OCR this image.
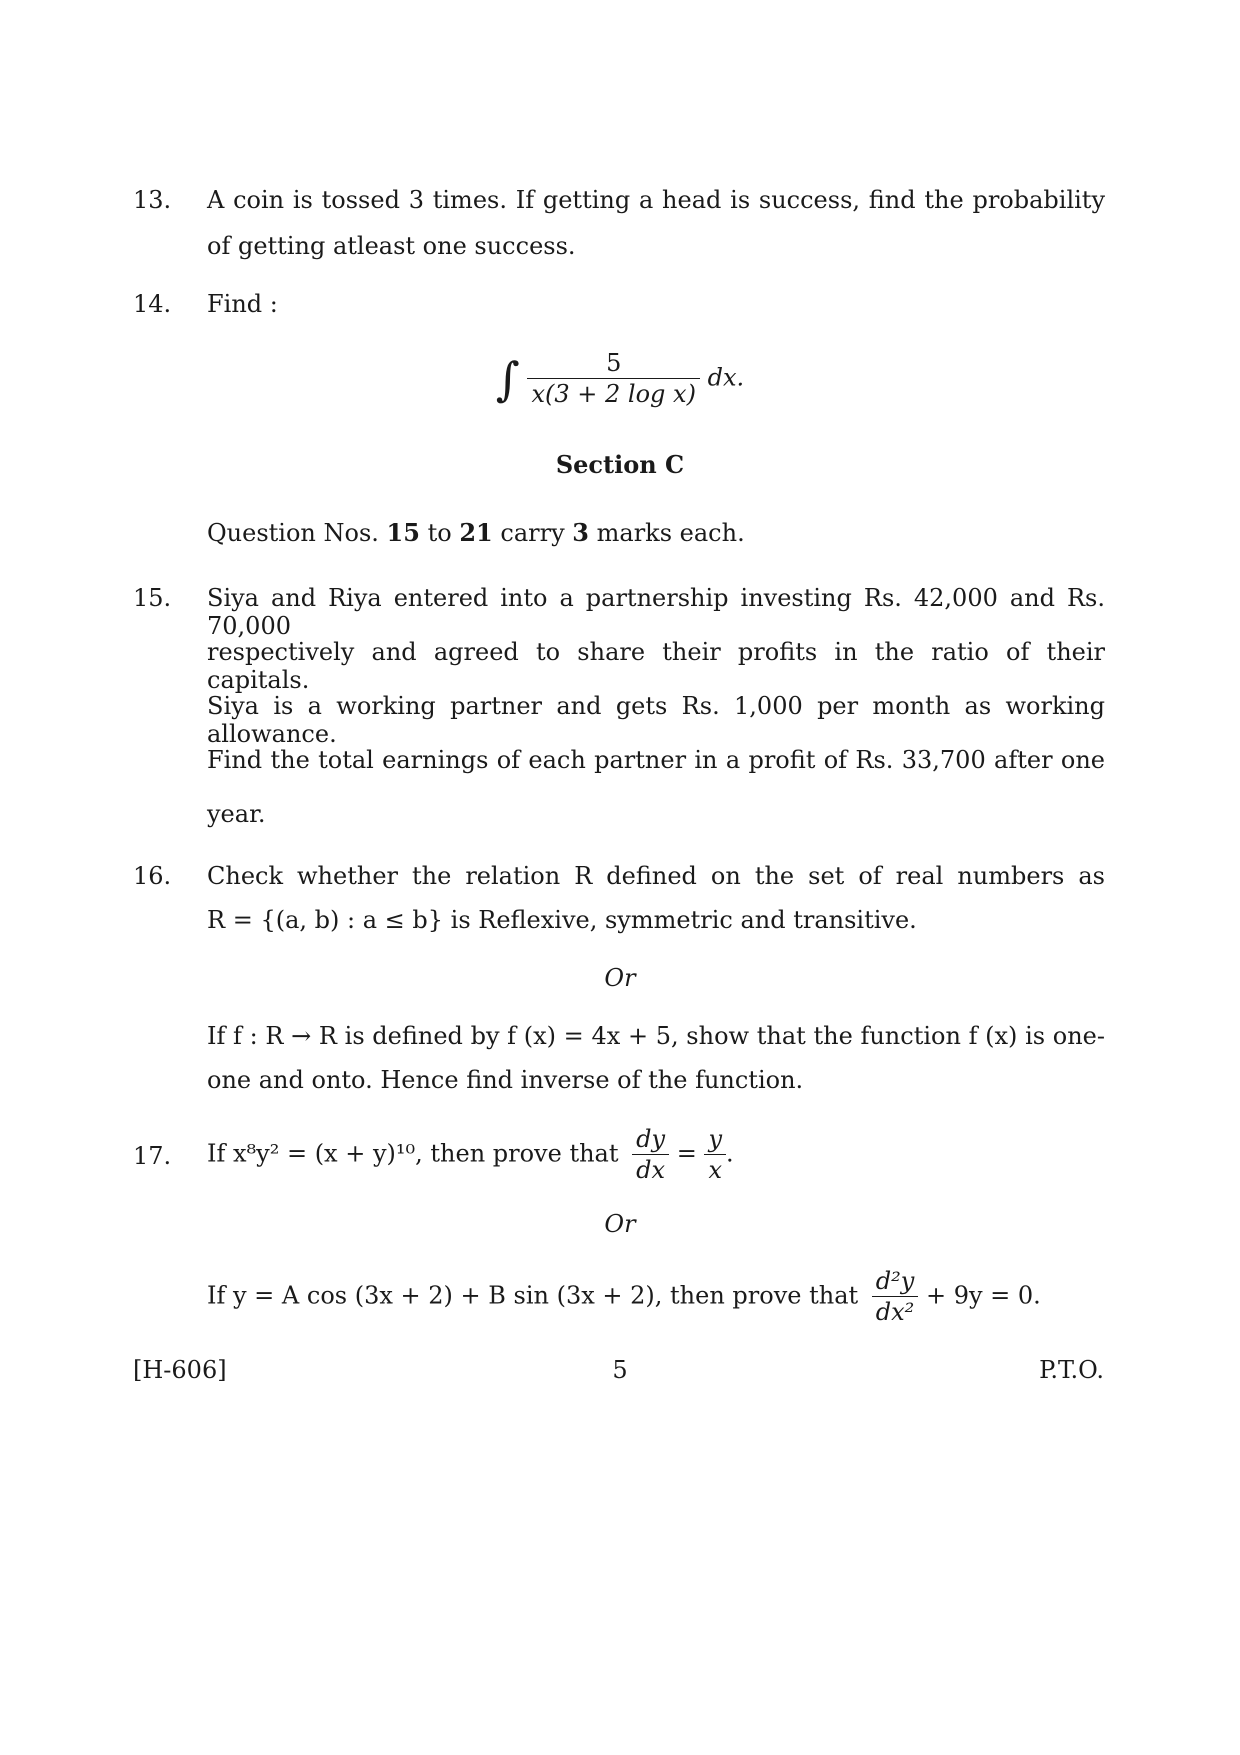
13. A coin is tossed 3 times. If getting a head is success, find the probability
of getting atleast one success.
14. Find :
∫ $\frac{5}{\text{x(3 + 2 log x)}}$ dx.
Section C
Question Nos. 15 to 21 carry 3 marks each.
15. Siya and Riya entered into a partnership investing Rs. 42,000 and Rs. 70,000
respectively and agreed to share their profits in the ratio of their capitals.
Siya is a working partner and gets Rs. 1,000 per month as working allowance.
Find the total earnings of each partner in a profit of Rs. 33,700 after one
year.
16. Check whether the relation R defined on the set of real numbers as
R = {(a, b) : a ≤ b} is Reflexive, symmetric and transitive.
Or
If f : R → R is defined by f (x) = 4x + 5, show that the function f (x) is one-
one and onto. Hence find inverse of the function.
17. If x⁸y² = (x + y)¹⁰, then prove that $\frac{dy}{dx} = \frac{y}{x}$ .
Or
If y = A cos (3x + 2) + B sin (3x + 2), then prove that $\frac{\text{d²y}}{\text{dx²}} + 9y = 0$.
[H-606]	5	P.T.O.
